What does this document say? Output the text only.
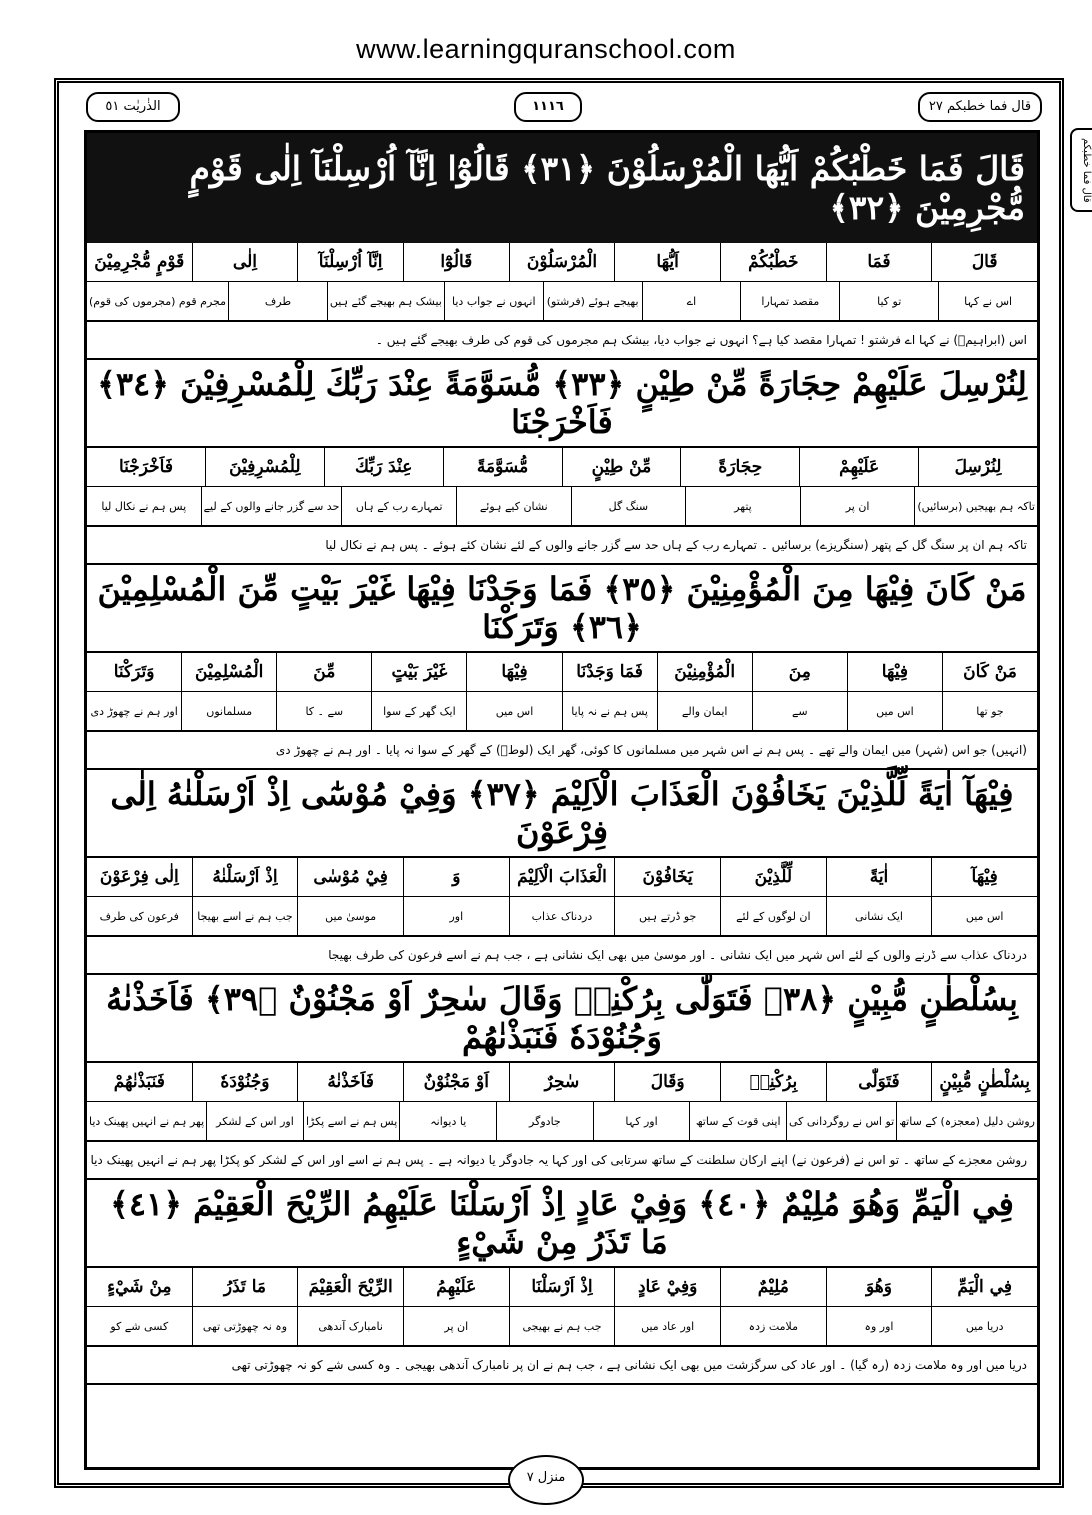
www.learningquranschool.com
قال فما خطبكم ٢٧
١١١٦
الذٰریٰت ٥١
قال فما خطبكم
قَالَ فَمَا خَطْبُكُمْ اَيُّهَا الْمُرْسَلُوْنَ ﴿٣١﴾ قَالُوْٓا اِنَّآ اُرْسِلْنَآ اِلٰى قَوْمٍ مُّجْرِمِيْنَ ﴿٣٢﴾
قَالَ
فَمَا
خَطْبُكُمْ
اَيُّهَا
الْمُرْسَلُوْنَ
قَالُوْٓا
اِنَّآ اُرْسِلْنَآ
اِلٰى
قَوْمٍ مُّجْرِمِيْنَ
اس نے کہا
تو کیا
مقصد تمہارا
اے
بھیجے ہوئے (فرشتو)
انہوں نے جواب دیا
بیشک ہم بھیجے گئے ہیں
طرف
مجرم قوم (مجرموں کی قوم)
اس (ابراہیمؑ) نے کہا اے فرشتو ! تمہارا مقصد کیا ہے؟ انہوں نے جواب دیا، بیشک ہم مجرموں کی قوم کی طرف بھیجے گئے ہیں ۔
لِنُرْسِلَ عَلَيْهِمْ حِجَارَةً مِّنْ طِيْنٍ ﴿٣٣﴾ مُّسَوَّمَةً عِنْدَ رَبِّكَ لِلْمُسْرِفِيْنَ ﴿٣٤﴾ فَاَخْرَجْنَا
لِنُرْسِلَ
عَلَيْهِمْ
حِجَارَةً
مِّنْ طِيْنٍ
مُّسَوَّمَةً
عِنْدَ رَبِّكَ
لِلْمُسْرِفِيْنَ
فَاَخْرَجْنَا
تاکہ ہم بھیجیں (برسائیں)
ان پر
پتھر
سنگ گل
نشان کیے ہوئے
تمہارے رب کے ہاں
حد سے گزر جانے والوں کے لیے
پس ہم نے نکال لیا
تاکہ ہم ان پر سنگ گل کے پتھر (سنگریزے) برسائیں ۔ تمہارے رب کے ہاں حد سے گزر جانے والوں کے لئے نشان کئے ہوئے ۔ پس ہم نے نکال لیا
مَنْ كَانَ فِيْهَا مِنَ الْمُؤْمِنِيْنَ ﴿٣٥﴾ فَمَا وَجَدْنَا فِيْهَا غَيْرَ بَيْتٍ مِّنَ الْمُسْلِمِيْنَ ﴿٣٦﴾ وَتَرَكْنَا
مَنْ كَانَ
فِيْهَا
مِنَ
الْمُؤْمِنِيْنَ
فَمَا وَجَدْنَا
فِيْهَا
غَيْرَ بَيْتٍ
مِّنَ
الْمُسْلِمِيْنَ
وَتَرَكْنَا
جو تھا
اس میں
سے
ایمان والے
پس ہم نے نہ پایا
اس میں
ایک گھر کے سوا
سے ۔ کا
مسلمانوں
اور ہم نے چھوڑ دی
(انہیں) جو اس (شہر) میں ایمان والے تھے ۔ پس ہم نے اس شہر میں مسلمانوں کا کوئی، گھر ایک (لوطؑ) کے گھر کے سوا نہ پایا ۔ اور ہم نے چھوڑ دی
فِيْهَآ اٰيَةً لِّلَّذِيْنَ يَخَافُوْنَ الْعَذَابَ الْاَلِيْمَ ﴿٣٧﴾ وَفِيْ مُوْسٰٓى اِذْ اَرْسَلْنٰهُ اِلٰى فِرْعَوْنَ
فِيْهَآ
اٰيَةً
لِّلَّذِيْنَ
يَخَافُوْنَ
الْعَذَابَ الْاَلِيْمَ
وَ
فِيْ مُوْسٰى
اِذْ اَرْسَلْنٰهُ
اِلٰى فِرْعَوْنَ
اس میں
ایک نشانی
ان لوگوں کے لئے
جو ڈرتے ہیں
دردناک عذاب
اور
موسیٰ میں
جب ہم نے اسے بھیجا
فرعون کی طرف
دردناک عذاب سے ڈرنے والوں کے لئے اس شہر میں ایک نشانی ۔ اور موسیٰ میں بھی ایک نشانی ہے ، جب ہم نے اسے فرعون کی طرف بھیجا
بِسُلْطٰنٍ مُّبِيْنٍ ﴿٣٨﴾ فَتَوَلّٰى بِرُكْنِهٖ وَقَالَ سٰحِرٌ اَوْ مَجْنُوْنٌ ﴿٣٩﴾ فَاَخَذْنٰهُ وَجُنُوْدَهٗ فَنَبَذْنٰهُمْ
بِسُلْطٰنٍ مُّبِيْنٍ
فَتَوَلّٰى
بِرُكْنِهٖ
وَقَالَ
سٰحِرٌ
اَوْ مَجْنُوْنٌ
فَاَخَذْنٰهُ
وَجُنُوْدَهٗ
فَنَبَذْنٰهُمْ
روشن دلیل (معجزہ) کے ساتھ
تو اس نے روگردانی کی
اپنی قوت کے ساتھ
اور کہا
جادوگر
یا دیوانہ
پس ہم نے اسے پکڑا
اور اس کے لشکر
پھر ہم نے انہیں پھینک دیا
روشن معجزے کے ساتھ ۔ تو اس نے (فرعون نے) اپنے ارکان سلطنت کے ساتھ سرتابی کی اور کہا یہ جادوگر یا دیوانہ ہے ۔ پس ہم نے اسے اور اس کے لشکر کو پکڑا پھر ہم نے انہیں پھینک دیا
فِي الْيَمِّ وَهُوَ مُلِيْمٌ ﴿٤٠﴾ وَفِيْ عَادٍ اِذْ اَرْسَلْنَا عَلَيْهِمُ الرِّيْحَ الْعَقِيْمَ ﴿٤١﴾ مَا تَذَرُ مِنْ شَيْءٍ
فِي الْيَمِّ
وَهُوَ
مُلِيْمٌ
وَفِيْ عَادٍ
اِذْ اَرْسَلْنَا
عَلَيْهِمُ
الرِّيْحَ الْعَقِيْمَ
مَا تَذَرُ
مِنْ شَيْءٍ
دریا میں
اور وہ
ملامت زدہ
اور عاد میں
جب ہم نے بھیجی
ان پر
نامبارک آندھی
وہ نہ چھوڑتی تھی
کسی شے کو
دریا میں اور وہ ملامت زدہ (رہ گیا) ۔ اور عاد کی سرگزشت میں بھی ایک نشانی ہے ، جب ہم نے ان پر نامبارک آندھی بھیجی ۔ وہ کسی شے کو نہ چھوڑتی تھی
منزل ٧
